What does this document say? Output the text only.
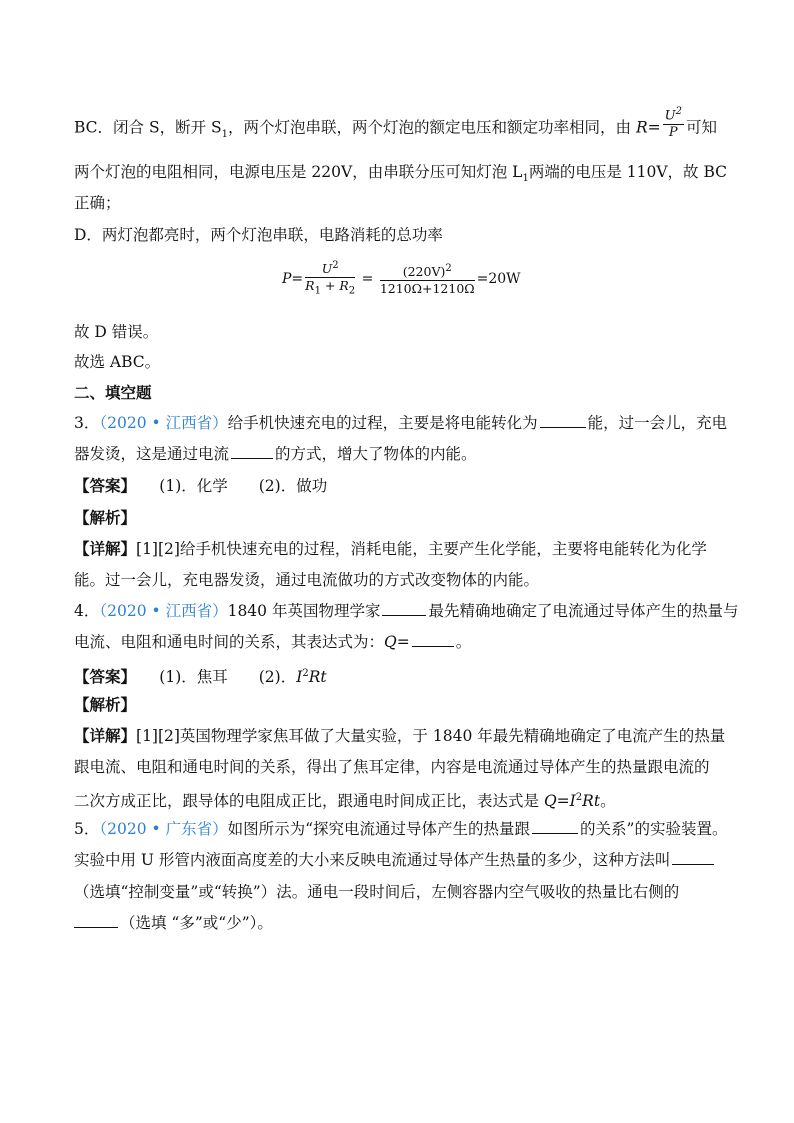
BC．闭合 S，断开 $S_1$，两个灯泡串联，两个灯泡的额定电压和额定功率相同，由 $R= \frac{U^2}{P}$ 可知
两个灯泡的电阻相同，电源电压是 220V，由串联分压可知灯泡 $L_1$两端的电压是 110V，故 BC
正确；
D．两灯泡都亮时，两个灯泡串联，电路消耗的总功率
$P= \frac{U^2}{R_1 + R_2} = \frac{(220V)^2}{1210\Omega+1210\Omega} =20W$
故 D 错误。
故选 ABC。
二、填空题
3．（2020 • 江西省）给手机快速充电的过程，主要是将电能转化为	能，过一会儿，充电
器发烫，这是通过电流	的方式，增大了物体的内能。
【答案】　　 (1)．化学　　(2)．做功
【解析】
【详解】[1][2]给手机快速充电的过程，消耗电能，主要产生化学能，主要将电能转化为化学
能。过一会儿，充电器发烫，通过电流做功的方式改变物体的内能。
4．（2020 • 江西省）1840 年英国物理学家	最先精确地确定了电流通过导体产生的热量与
电流、电阻和通电时间的关系，其表达式为：Q=	。
【答案】　　 (1)．焦耳　　(2)．$I^2Rt$
【解析】
【详解】[1][2]英国物理学家焦耳做了大量实验，于 1840 年最先精确地确定了电流产生的热量
跟电流、电阻和通电时间的关系，得出了焦耳定律，内容是电流通过导体产生的热量跟电流的
二次方成正比，跟导体的电阻成正比，跟通电时间成正比，表达式是 $Q=I^2Rt$。
5．（2020 • 广东省）如图所示为“探究电流通过导体产生的热量跟	的关系”的实验装置。
实验中用 U 形管内液面高度差的大小来反映电流通过导体产生热量的多少，这种方法叫
（选填“控制变量”或“转换”）法。通电一段时间后，左侧容器内空气吸收的热量比右侧的
（选填 “多”或“少”）。
